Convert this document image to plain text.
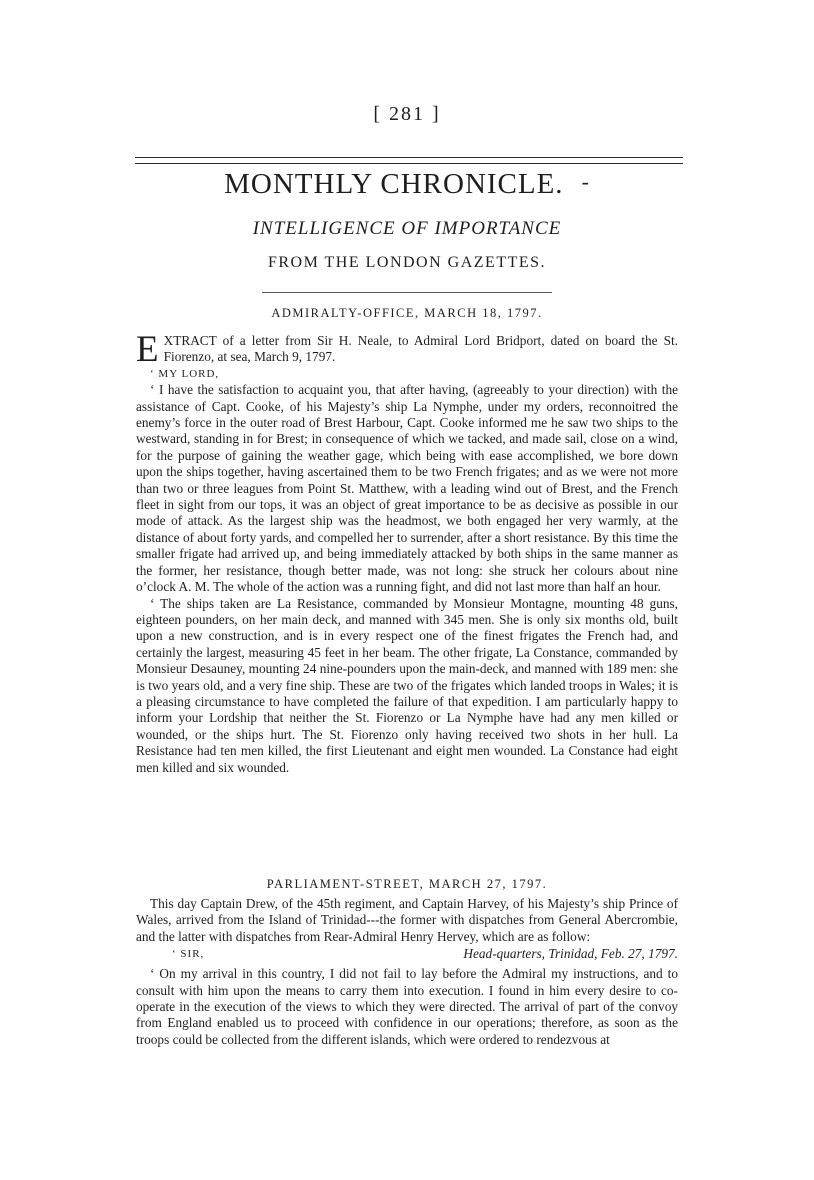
[ 281 ]
MONTHLY CHRONICLE. -
INTELLIGENCE OF IMPORTANCE
FROM THE LONDON GAZETTES.
ADMIRALTY-OFFICE, MARCH 18, 1797.

EXTRACT of a letter from Sir H. Neale, to Admiral Lord Bridport, dated on board the St. Fiorenzo, at sea, March 9, 1797.

‘ MY LORD,

‘ I have the satisfaction to acquaint you, that after having, (agreeably to your direction) with the assistance of Capt. Cooke, of his Majesty’s ship La Nymphe, under my orders, reconnoitred the enemy’s force in the outer road of Brest Harbour, Capt. Cooke informed me he saw two ships to the westward, standing in for Brest; in consequence of which we tacked, and made sail, close on a wind, for the purpose of gaining the weather gage, which being with ease accomplished, we bore down upon the ships together, having ascertained them to be two French frigates; and as we were not more than two or three leagues from Point St. Matthew, with a leading wind out of Brest, and the French fleet in sight from our tops, it was an object of great importance to be as decisive as possible in our mode of attack. As the largest ship was the headmost, we both engaged her very warmly, at the distance of about forty yards, and compelled her to surrender, after a short resistance. By this time the smaller frigate had arrived up, and being immediately attacked by both ships in the same manner as the former, her resistance, though better made, was not long: she struck her colours about nine o’clock A. M. The whole of the action was a running fight, and did not last more than half an hour.

‘ The ships taken are La Resistance, commanded by Monsieur Montagne, mounting 48 guns, eighteen pounders, on her main deck, and manned with 345 men. She is only six months old, built upon a new construction, and is in every respect one of the finest frigates the French had, and certainly the largest, measuring 45 feet in her beam. The other frigate, La Constance, commanded by Monsieur Desauney, mounting 24 nine-pounders upon the main-deck, and manned with 189 men: she is two years old, and a very fine ship. These are two of the frigates which landed troops in Wales; it is a pleasing circumstance to have completed the failure of that expedition. I am particularly happy to inform your Lordship that neither the St. Fiorenzo or La Nymphe have had any men killed or wounded, or the ships hurt. The St. Fiorenzo only having received two shots in her hull. La Resistance had ten men killed, the first Lieutenant and eight men wounded. La Constance had eight men killed and six wounded.

PARLIAMENT-STREET, MARCH 27, 1797.

This day Captain Drew, of the 45th regiment, and Captain Harvey, of his Majesty’s ship Prince of Wales, arrived from the Island of Trinidad---the former with dispatches from General Abercrombie, and the latter with dispatches from Rear-Admiral Henry Hervey, which are as follow:

‘ SIR,	Head-quarters, Trinidad, Feb. 27, 1797.

‘ On my arrival in this country, I did not fail to lay before the Admiral my instructions, and to consult with him upon the means to carry them into execution. I found in him every desire to co-operate in the execution of the views to which they were directed. The arrival of part of the convoy from England enabled us to proceed with confidence in our operations; therefore, as soon as the troops could be collected from the different islands, which were ordered to rendezvous at
